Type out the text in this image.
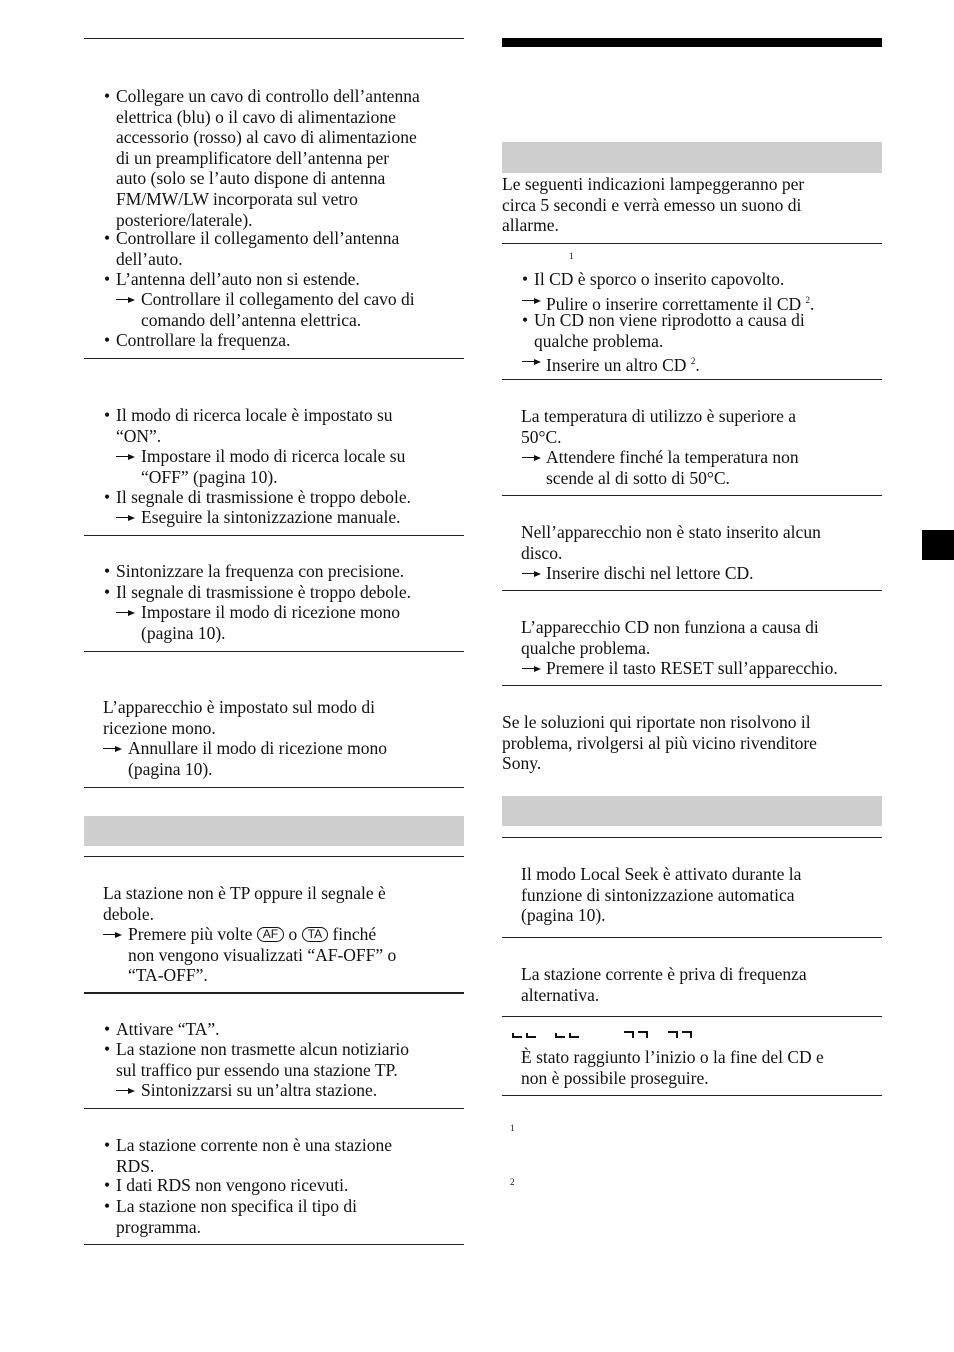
• Collegare un cavo di controllo dell’antenna
elettrica (blu) o il cavo di alimentazione
accessorio (rosso) al cavo di alimentazione
di un preamplificatore dell’antenna per
auto (solo se l’auto dispone di antenna
FM/MW/LW incorporata sul vetro
posteriore/laterale).
• Controllare il collegamento dell’antenna
dell’auto.
• L’antenna dell’auto non si estende.
Controllare il collegamento del cavo di
comando dell’antenna elettrica.
• Controllare la frequenza.
• Il modo di ricerca locale è impostato su
“ON”.
Impostare il modo di ricerca locale su
“OFF” (pagina 10).
• Il segnale di trasmissione è troppo debole.
Eseguire la sintonizzazione manuale.
• Sintonizzare la frequenza con precisione.
• Il segnale di trasmissione è troppo debole.
Impostare il modo di ricezione mono
(pagina 10).
L’apparecchio è impostato sul modo di
ricezione mono.
Annullare il modo di ricezione mono
(pagina 10).
La stazione non è TP oppure il segnale è
debole.
Premere più volte AF o TA finché
non vengono visualizzati “AF-OFF” o
“TA-OFF”.
• Attivare “TA”.
• La stazione non trasmette alcun notiziario
sul traffico pur essendo una stazione TP.
Sintonizzarsi su un’altra stazione.
• La stazione corrente non è una stazione
RDS.
• I dati RDS non vengono ricevuti.
• La stazione non specifica il tipo di
programma.
Le seguenti indicazioni lampeggeranno per
circa 5 secondi e verrà emesso un suono di
allarme.
1
• Il CD è sporco o inserito capovolto.
Pulire o inserire correttamente il CD $^2$.
• Un CD non viene riprodotto a causa di
qualche problema.
Inserire un altro CD $^2$.
La temperatura di utilizzo è superiore a
50°C.
Attendere finché la temperatura non
scende al di sotto di 50°C.
Nell’apparecchio non è stato inserito alcun
disco.
Inserire dischi nel lettore CD.
L’apparecchio CD non funziona a causa di
qualche problema.
Premere il tasto RESET sull’apparecchio.
Se le soluzioni qui riportate non risolvono il
problema, rivolgersi al più vicino rivenditore
Sony.
Il modo Local Seek è attivato durante la
funzione di sintonizzazione automatica
(pagina 10).
La stazione corrente è priva di frequenza
alternativa.
È stato raggiunto l’inizio o la fine del CD e
non è possibile proseguire.
1
2
